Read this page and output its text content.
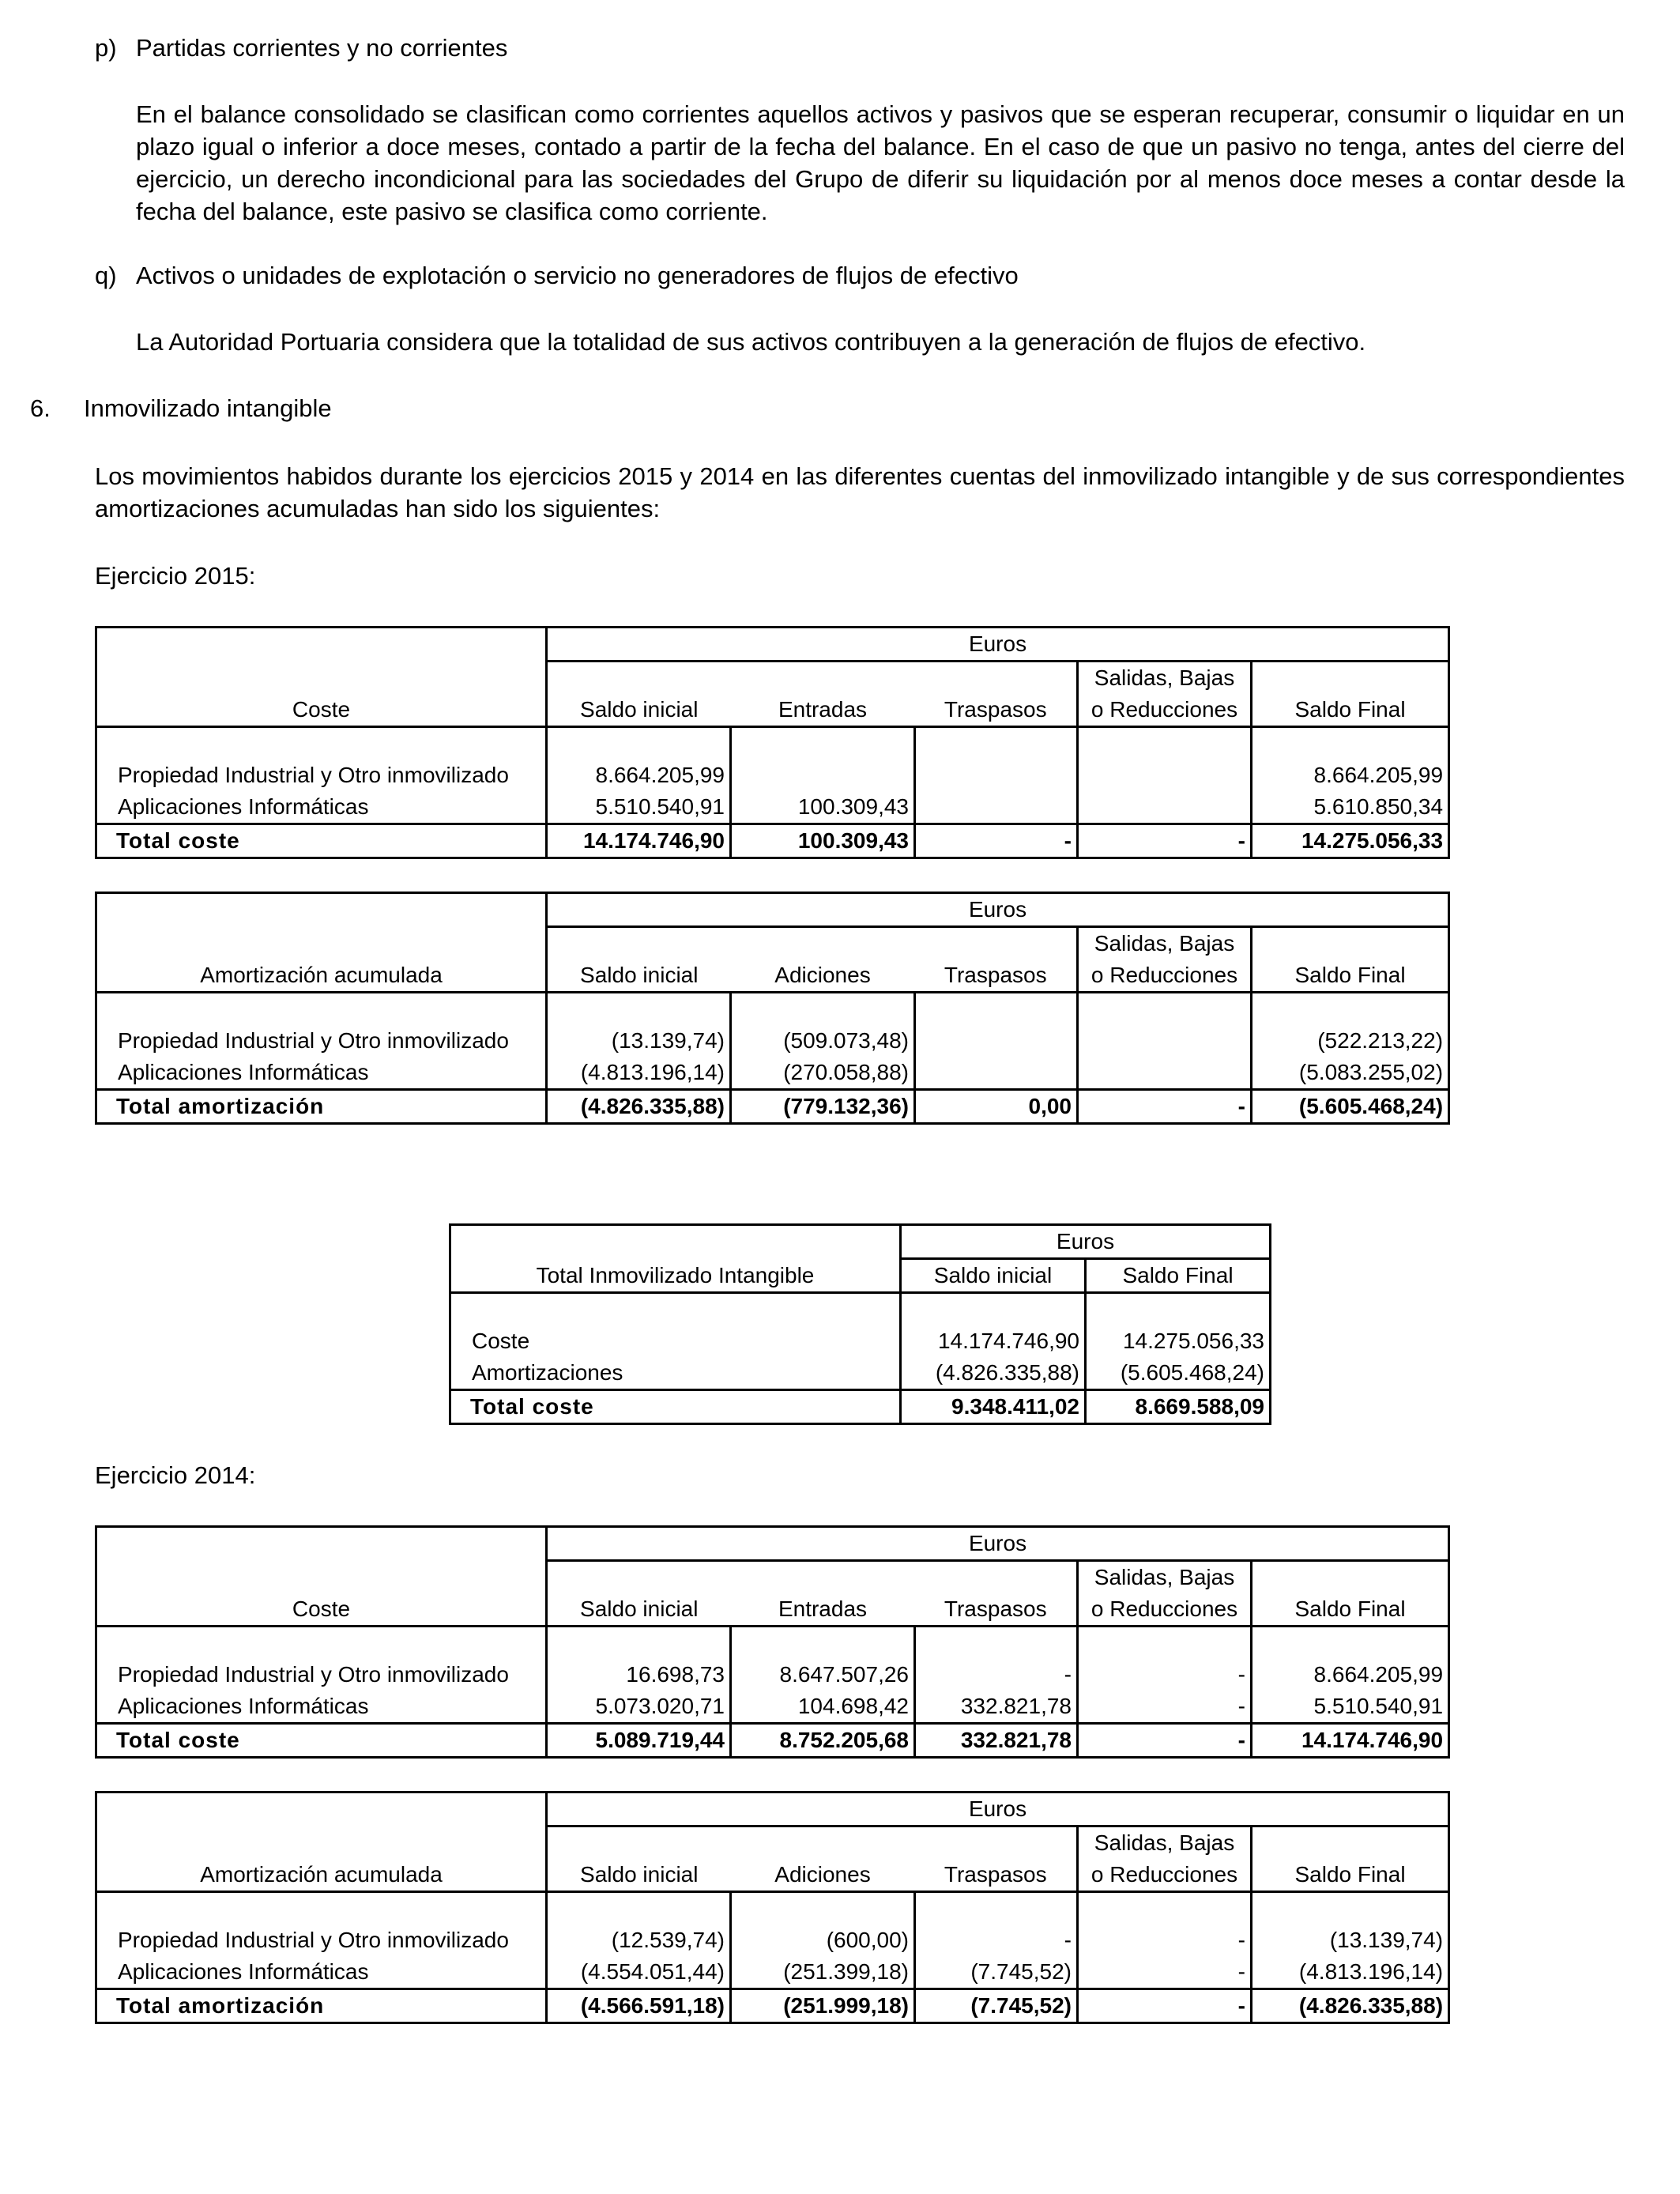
p) Partidas corrientes y no corrientes
En el balance consolidado se clasifican como corrientes aquellos activos y pasivos que se esperan recuperar, consumir o liquidar en un plazo igual o inferior a doce meses, contado a partir de la fecha del balance. En el caso de que un pasivo no tenga, antes del cierre del ejercicio, un derecho incondicional para las sociedades del Grupo de diferir su liquidación por al menos doce meses a contar desde la fecha del balance, este pasivo se clasifica como corriente.
q) Activos o unidades de explotación o servicio no generadores de flujos de efectivo
La Autoridad Portuaria considera que la totalidad de sus activos contribuyen a la generación de flujos de efectivo.
6. Inmovilizado intangible
Los movimientos habidos durante los ejercicios 2015 y 2014 en las diferentes cuentas del inmovilizado intangible y de sus correspondientes amortizaciones acumuladas han sido los siguientes:
Ejercicio 2015:
	Euros				
				Salidas, Bajas	
Coste	Saldo inicial	Entradas	Traspasos	o Reducciones	Saldo Final

Propiedad Industrial y Otro inmovilizado	8.664.205,99				8.664.205,99
Aplicaciones Informáticas	5.510.540,91	100.309,43			5.610.850,34
Total coste	14.174.746,90	100.309,43	-	-	14.275.056,33
	Euros				
				Salidas, Bajas	
Amortización acumulada	Saldo inicial	Adiciones	Traspasos	o Reducciones	Saldo Final

Propiedad Industrial y Otro inmovilizado	(13.139,74)	(509.073,48)			(522.213,22)
Aplicaciones Informáticas	(4.813.196,14)	(270.058,88)			(5.083.255,02)
Total amortización	(4.826.335,88)	(779.132,36)	0,00	-	(5.605.468,24)
	Euros	
Total Inmovilizado Intangible	Saldo inicial	Saldo Final

Coste	14.174.746,90	14.275.056,33
Amortizaciones	(4.826.335,88)	(5.605.468,24)
Total coste	9.348.411,02	8.669.588,09
Ejercicio 2014:
	Euros				
				Salidas, Bajas	
Coste	Saldo inicial	Entradas	Traspasos	o Reducciones	Saldo Final

Propiedad Industrial y Otro inmovilizado	16.698,73	8.647.507,26	-	-	8.664.205,99
Aplicaciones Informáticas	5.073.020,71	104.698,42	332.821,78	-	5.510.540,91
Total coste	5.089.719,44	8.752.205,68	332.821,78	-	14.174.746,90
	Euros				
				Salidas, Bajas	
Amortización acumulada	Saldo inicial	Adiciones	Traspasos	o Reducciones	Saldo Final

Propiedad Industrial y Otro inmovilizado	(12.539,74)	(600,00)	-	-	(13.139,74)
Aplicaciones Informáticas	(4.554.051,44)	(251.399,18)	(7.745,52)	-	(4.813.196,14)
Total amortización	(4.566.591,18)	(251.999,18)	(7.745,52)	-	(4.826.335,88)
